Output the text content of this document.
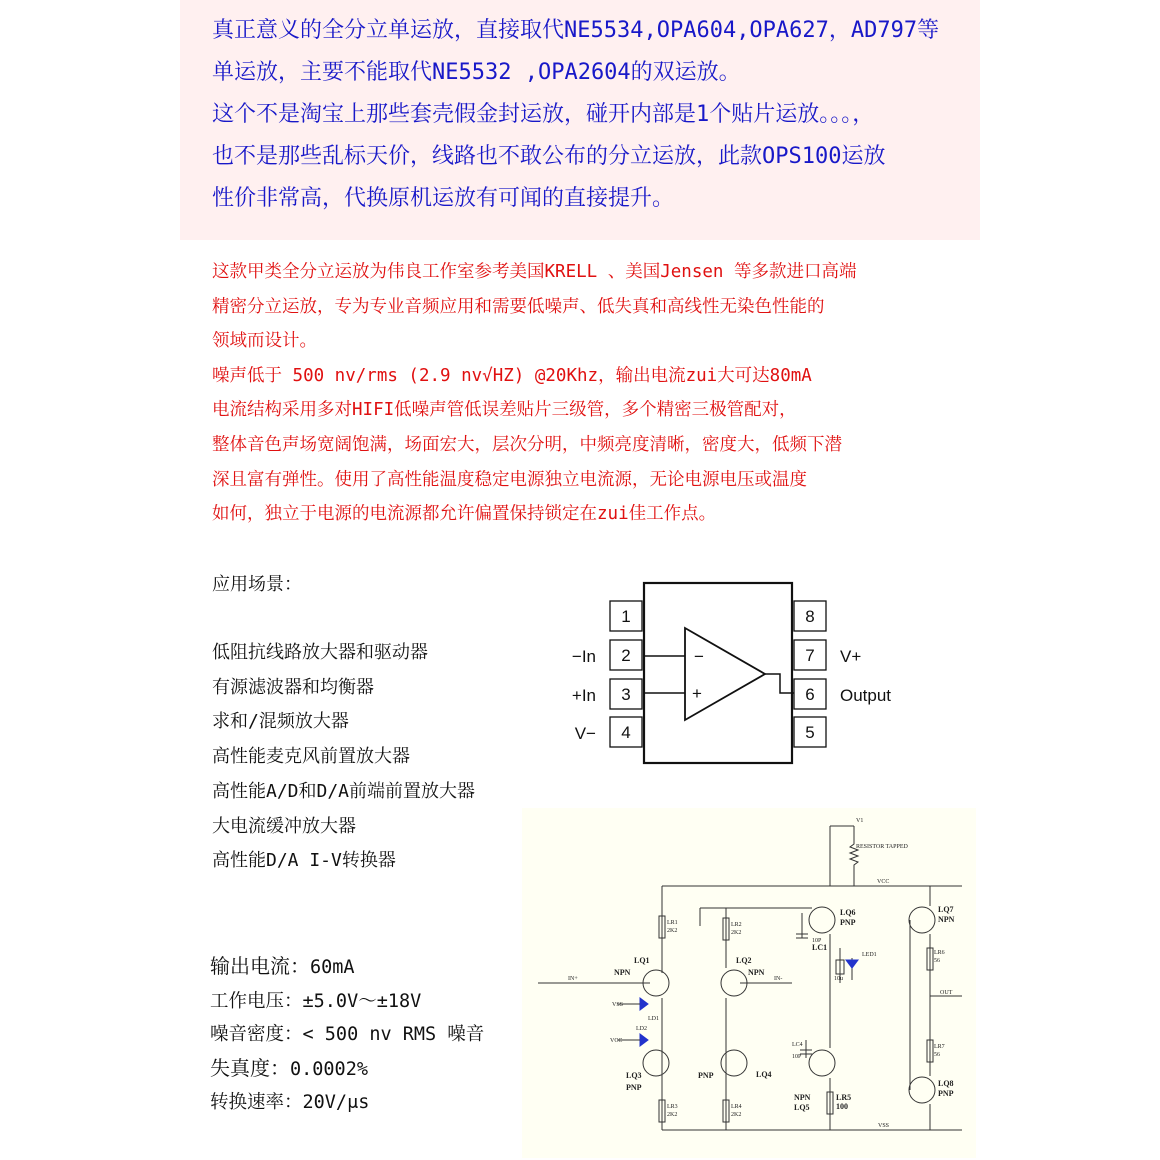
真正意义的全分立单运放，直接取代NE5534,OPA604,OPA627，AD797等
单运放，主要不能取代NE5532 ,OPA2604的双运放。
这个不是淘宝上那些套壳假金封运放，碰开内部是1个贴片运放。。。，
也不是那些乱标天价，线路也不敢公布的分立运放，此款OPS100运放
性价非常高，代换原机运放有可闻的直接提升。
这款甲类全分立运放为伟良工作室参考美国KRELL 、美国Jensen 等多款进口高端
精密分立运放，专为专业音频应用和需要低噪声、低失真和高线性无染色性能的
领域而设计。
噪声低于 500 nv/rms (2.9 nv√HZ) @20Khz，输出电流zui大可达80mA
电流结构采用多对HIFI低噪声管低误差贴片三级管，多个精密三极管配对，
整体音色声场宽阔饱满，场面宏大，层次分明，中频亮度清晰，密度大，低频下潜
深且富有弹性。使用了高性能温度稳定电源独立电流源，无论电源电压或温度
如何，独立于电源的电流源都允许偏置保持锁定在zui佳工作点。
应用场景：
低阻抗线路放大器和驱动器
有源滤波器和均衡器
求和/混频放大器
高性能麦克风前置放大器
高性能A/D和D/A前端前置放大器
大电流缓冲放大器
高性能D/A I-V转换器
输出电流：60mA
工作电压：±5.0V～±18V
噪音密度：< 500 nv RMS 噪音
失真度：0.0002%
转换速率：20V/μs
1
2
3
4
8
7
6
5
−In
+In
V−
V+
Output
−
+
V1
RESISTOR TAPPED
VCC
IN+	IN-
VSS
VCC
LD1
LD2
OUT
VSS
LED1
LR1
2K2
LR2
2K2
LR3
2K2
LR4
2K2
LR6
56
LR7
56
10P
LC4
10P
10u
LQ1
NPN
LQ2
NPN
LQ3
PNP
PNP	LQ4
LQ6
PNP
LC1
LQ7
NPN
NPN
LQ5
LR5
100
LQ8
PNP
